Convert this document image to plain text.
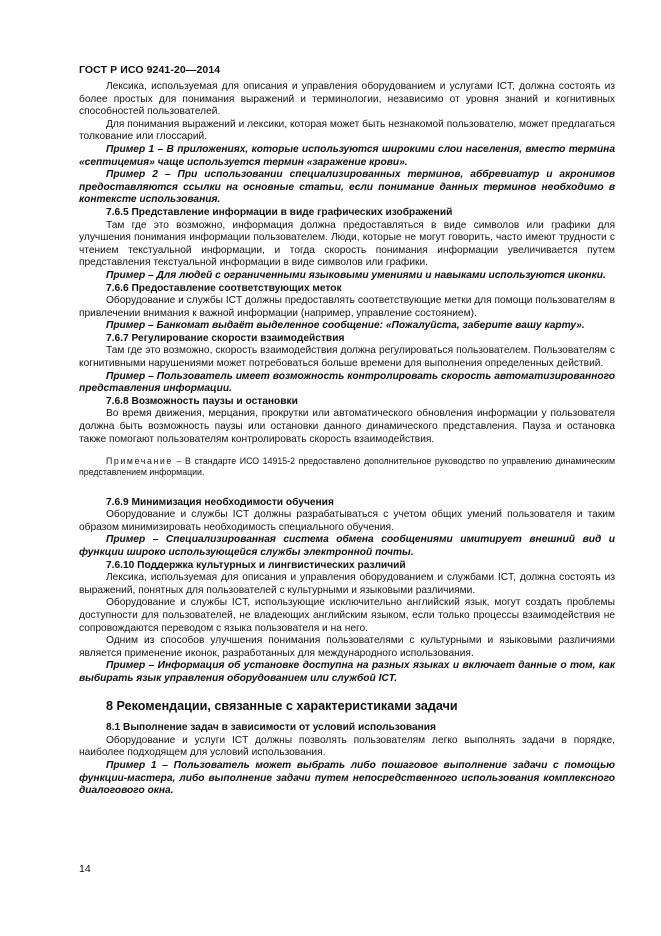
ГОСТ Р ИСО 9241-20—2014

Лексика, используемая для описания и управления оборудованием и услугами ICT, должна состоять из более простых для понимания выражений и терминологии, независимо от уровня знаний и когнитивных способностей пользователей.

Для понимания выражений и лексики, которая может быть незнакомой пользователю, может предлагаться толкование или глоссарий.

Пример 1 – В приложениях, которые используются широкими слои населения, вместо термина «септицемия» чаще используется термин «заражение крови».

Пример 2 – При использовании специализированных терминов, аббревиатур и акронимов предоставляются ссылки на основные статьи, если понимание данных терминов необходимо в контексте использования.

7.6.5 Представление информации в виде графических изображений

Там где это возможно, информация должна предоставляться в виде символов или графики для улучшения понимания информации пользователем. Люди, которые не могут говорить, часто имеют трудности с чтением текстуальной информации, и тогда скорость понимания информации увеличивается путем представления текстуальной информации в виде символов или графики.

Пример – Для людей с ограниченными языковыми умениями и навыками используются иконки.

7.6.6 Предоставление соответствующих меток

Оборудование и службы ICT должны предоставлять соответствующие метки для помощи пользователям в привлечении внимания к важной информации (например, управление состоянием).

Пример – Банкомат выдаёт выделенное сообщение: «Пожалуйста, заберите вашу карту».

7.6.7 Регулирование скорости взаимодействия

Там где это возможно, скорость взаимодействия должна регулироваться пользователем. Пользователям с когнитивными нарушениями может потребоваться больше времени для выполнения определенных действий.

Пример – Пользователь имеет возможность контролировать скорость автоматизированного представления информации.

7.6.8 Возможность паузы и остановки

Во время движения, мерцания, прокрутки или автоматического обновления информации у пользователя должна быть возможность паузы или остановки данного динамического представления. Пауза и остановка также помогают пользователям контролировать скорость взаимодействия.

Примечание – В стандарте ИСО 14915-2 предоставлено дополнительное руководство по управлению динамическим представлением информации.
7.6.9 Минимизация необходимости обучения

Оборудование и службы ICT должны разрабатываться с учетом общих умений пользователя и таким образом минимизировать необходимость специального обучения.

Пример – Специализированная система обмена сообщениями имитирует внешний вид и функции широко использующейся службы электронной почты.

7.6.10 Поддержка культурных и лингвистических различий

Лексика, используемая для описания и управления оборудованием и службами ICT, должна состоять из выражений, понятных для пользователей с культурными и языковыми различиями.

Оборудование и службы ICT, использующие исключительно английский язык, могут создать проблемы доступности для пользователей, не владеющих английским языком, если только процессы взаимодействия не сопровождаются переводом с языка пользователя и на него.

Одним из способов улучшения понимания пользователями с культурными и языковыми различиями является применение иконок, разработанных для международного использования.

Пример – Информация об установке доступна на разных языках и включает данные о том, как выбирать язык управления оборудованием или службой ICT.

8 Рекомендации, связанные с характеристиками задачи
8.1 Выполнение задач в зависимости от условий использования

Оборудование и услуги ICT должны позволять пользователям легко выполнять задачи в порядке, наиболее подходящем для условий использования.

Пример 1 – Пользователь может выбрать либо пошаговое выполнение задачи с помощью функции-мастера, либо выполнение задачи путем непосредственного использования комплексного диалогового окна.

14
